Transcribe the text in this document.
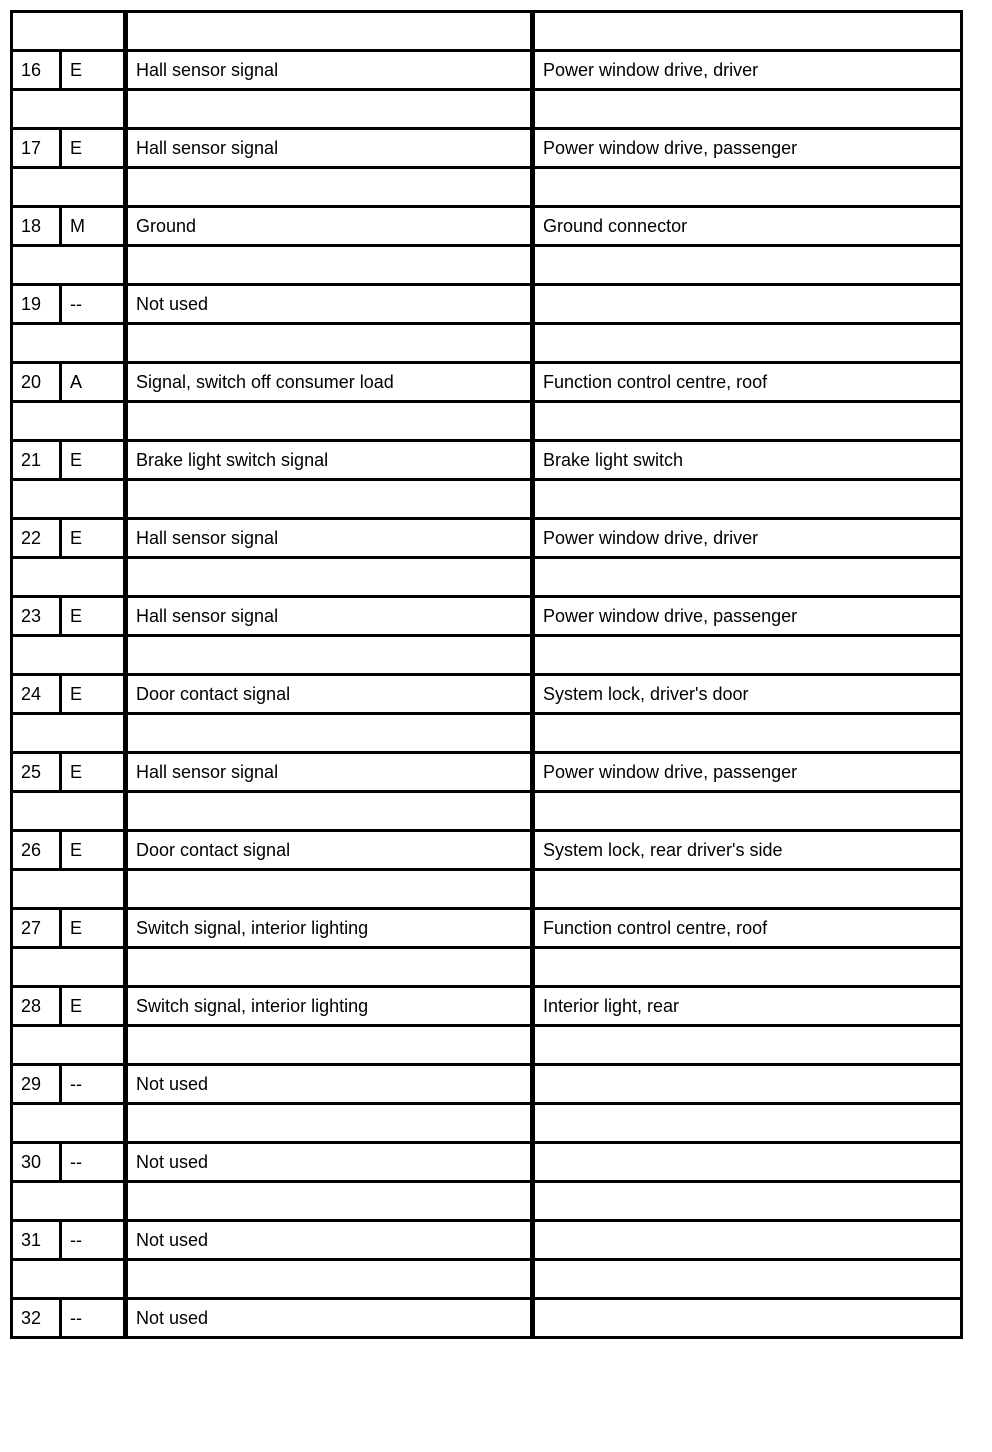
16	E	Hall sensor signal	Power window drive, driver

17	E	Hall sensor signal	Power window drive, passenger

18	M	Ground	Ground connector

19	--	Not used	

20	A	Signal, switch off consumer load	Function control centre, roof

21	E	Brake light switch signal	Brake light switch

22	E	Hall sensor signal	Power window drive, driver

23	E	Hall sensor signal	Power window drive, passenger

24	E	Door contact signal	System lock, driver's door

25	E	Hall sensor signal	Power window drive, passenger

26	E	Door contact signal	System lock, rear driver's side

27	E	Switch signal, interior lighting	Function control centre, roof

28	E	Switch signal, interior lighting	Interior light, rear

29	--	Not used	

30	--	Not used	

31	--	Not used	

32	--	Not used	
